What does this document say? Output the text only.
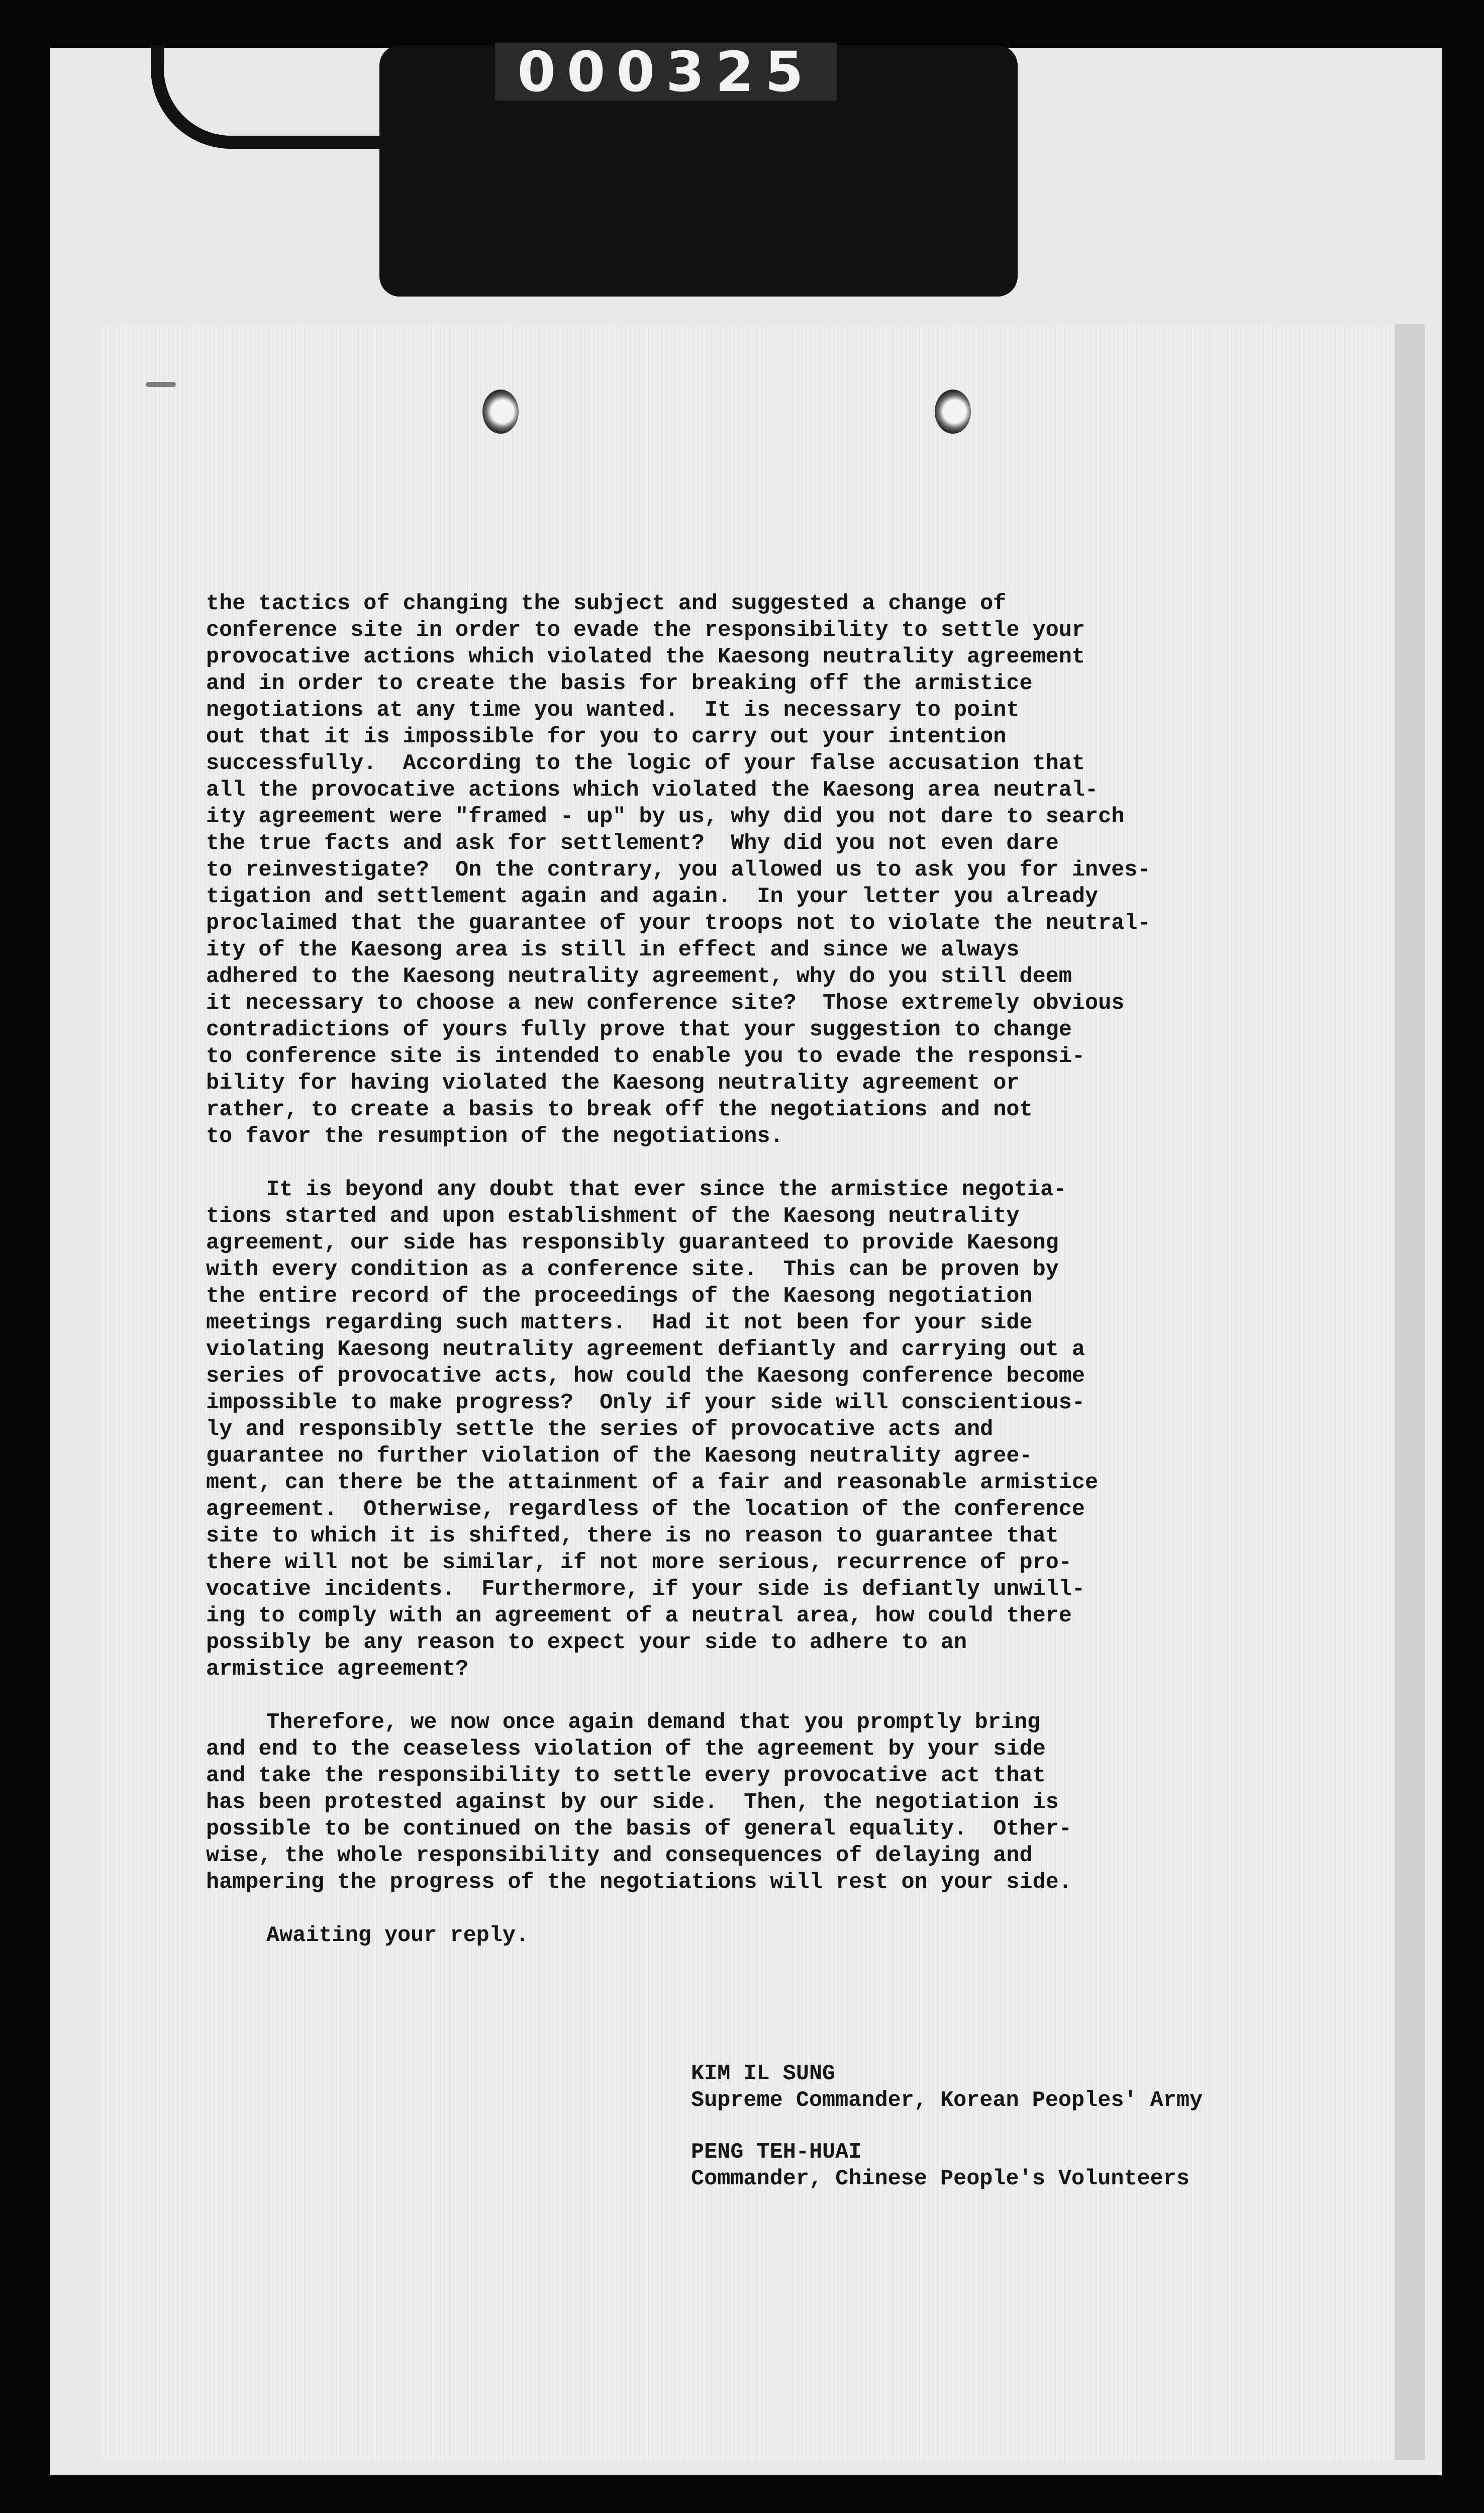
000325
the tactics of changing the subject and suggested a change of
conference site in order to evade the responsibility to settle your
provocative actions which violated the Kaesong neutrality agreement
and in order to create the basis for breaking off the armistice
negotiations at any time you wanted.  It is necessary to point
out that it is impossible for you to carry out your intention
successfully.  According to the logic of your false accusation that
all the provocative actions which violated the Kaesong area neutral-
ity agreement were "framed - up" by us, why did you not dare to search
the true facts and ask for settlement?  Why did you not even dare
to reinvestigate?  On the contrary, you allowed us to ask you for inves-
tigation and settlement again and again.  In your letter you already
proclaimed that the guarantee of your troops not to violate the neutral-
ity of the Kaesong area is still in effect and since we always
adhered to the Kaesong neutrality agreement, why do you still deem
it necessary to choose a new conference site?  Those extremely obvious
contradictions of yours fully prove that your suggestion to change
to conference site is intended to enable you to evade the responsi-
bility for having violated the Kaesong neutrality agreement or
rather, to create a basis to break off the negotiations and not
to favor the resumption of the negotiations.
It is beyond any doubt that ever since the armistice negotia-
tions started and upon establishment of the Kaesong neutrality
agreement, our side has responsibly guaranteed to provide Kaesong
with every condition as a conference site.  This can be proven by
the entire record of the proceedings of the Kaesong negotiation
meetings regarding such matters.  Had it not been for your side
violating Kaesong neutrality agreement defiantly and carrying out a
series of provocative acts, how could the Kaesong conference become
impossible to make progress?  Only if your side will conscientious-
ly and responsibly settle the series of provocative acts and
guarantee no further violation of the Kaesong neutrality agree-
ment, can there be the attainment of a fair and reasonable armistice
agreement.  Otherwise, regardless of the location of the conference
site to which it is shifted, there is no reason to guarantee that
there will not be similar, if not more serious, recurrence of pro-
vocative incidents.  Furthermore, if your side is defiantly unwill-
ing to comply with an agreement of a neutral area, how could there
possibly be any reason to expect your side to adhere to an
armistice agreement?
Therefore, we now once again demand that you promptly bring
and end to the ceaseless violation of the agreement by your side
and take the responsibility to settle every provocative act that
has been protested against by our side.  Then, the negotiation is
possible to be continued on the basis of general equality.  Other-
wise, the whole responsibility and consequences of delaying and
hampering the progress of the negotiations will rest on your side.
Awaiting your reply.
KIM IL SUNG
Supreme Commander, Korean Peoples' Army
PENG TEH-HUAI
Commander, Chinese People's Volunteers
